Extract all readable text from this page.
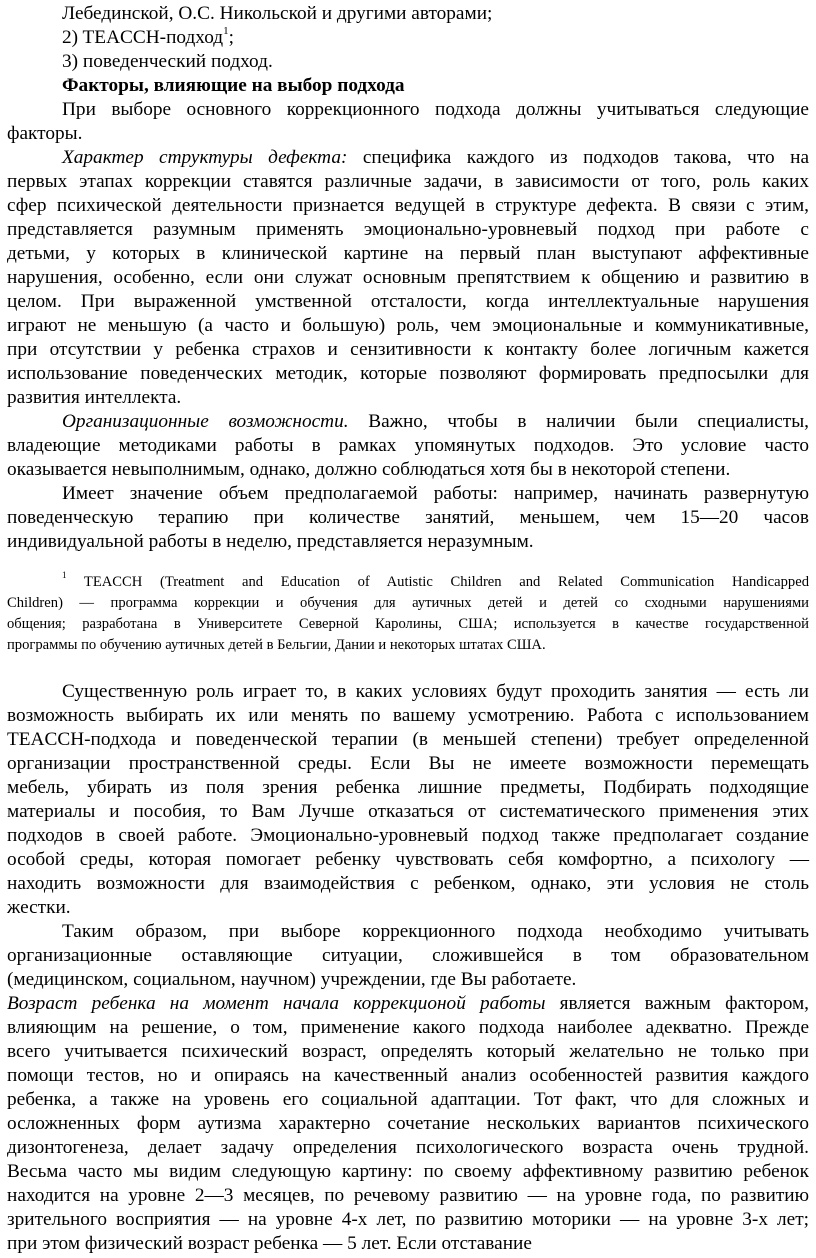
Лебединской, О.С. Никольской и другими авторами;
2) TEACCH-подход$^1$;
3) поведенческий подход.
Факторы, влияющие на выбор подхода
При выборе основного коррекционного подхода должны учитываться следующие
факторы.
Характер структуры дефекта: специфика каждого из подходов такова, что на
первых этапах коррекции ставятся различные задачи, в зависимости от того, роль каких
сфер психической деятельности признается ведущей в структуре дефекта. В связи с этим,
представляется разумным применять эмоционально-уровневый подход при работе с
детьми, у которых в клинической картине на первый план выступают аффективные
нарушения, особенно, если они служат основным препятствием к общению и развитию в
целом. При выраженной умственной отсталости, когда интеллектуальные нарушения
играют не меньшую (а часто и большую) роль, чем эмоциональные и коммуникативные,
при отсутствии у ребенка страхов и сензитивности к контакту более логичным кажется
использование поведенческих методик, которые позволяют формировать предпосылки для
развития интеллекта.
Организационные возможности. Важно, чтобы в наличии были специалисты,
владеющие методиками работы в рамках упомянутых подходов. Это условие часто
оказывается невыполнимым, однако, должно соблюдаться хотя бы в некоторой степени.
Имеет значение объем предполагаемой работы: например, начинать развернутую
поведенческую терапию при количестве занятий, меньшем, чем 15—20 часов
индивидуальной работы в неделю, представляется неразумным.
$^1$ TEACCH (Treatment and Education of Autistic Children and Related Communication Handicapped
Children) — программа коррекции и обучения для аутичных детей и детей со сходными нарушениями
общения; разработана в Университете Северной Каролины, США; используется в качестве государственной
программы по обучению аутичных детей в Бельгии, Дании и некоторых штатах США.
Существенную роль играет то, в каких условиях будут проходить занятия — есть ли
возможность выбирать их или менять по вашему усмотрению. Работа с использованием
TEACCH-подхода и поведенческой терапии (в меньшей степени) требует определенной
организации пространственной среды. Если Вы не имеете возможности перемещать
мебель, убирать из поля зрения ребенка лишние предметы, Подбирать подходящие
материалы и пособия, то Вам Лучше отказаться от систематического применения этих
подходов в своей работе. Эмоционально-уровневый подход также предполагает создание
особой среды, которая помогает ребенку чувствовать себя комфортно, а психологу —
находить возможности для взаимодействия с ребенком, однако, эти условия не столь
жестки.
Таким образом, при выборе коррекционного подхода необходимо учитывать
организационные оставляющие ситуации, сложившейся в том образовательном
(медицинском, социальном, научном) учреждении, где Вы работаете.
Возраст ребенка на момент начала коррекционой работы является важным фактором,
влияющим на решение, о том, применение какого подхода наиболее адекватно. Прежде
всего учитывается психический возраст, определять который желательно не только при
помощи тестов, но и опираясь на качественный анализ особенностей развития каждого
ребенка, а также на уровень его социальной адаптации. Тот факт, что для сложных и
осложненных форм аутизма характерно сочетание нескольких вариантов психического
дизонтогенеза, делает задачу определения психологического возраста очень трудной.
Весьма часто мы видим следующую картину: по своему аффективному развитию ребенок
находится на уровне 2—3 месяцев, по речевому развитию — на уровне года, по развитию
зрительного восприятия — на уровне 4-х лет, по развитию моторики — на уровне 3-х лет;
при этом физический возраст ребенка — 5 лет. Если отставание
